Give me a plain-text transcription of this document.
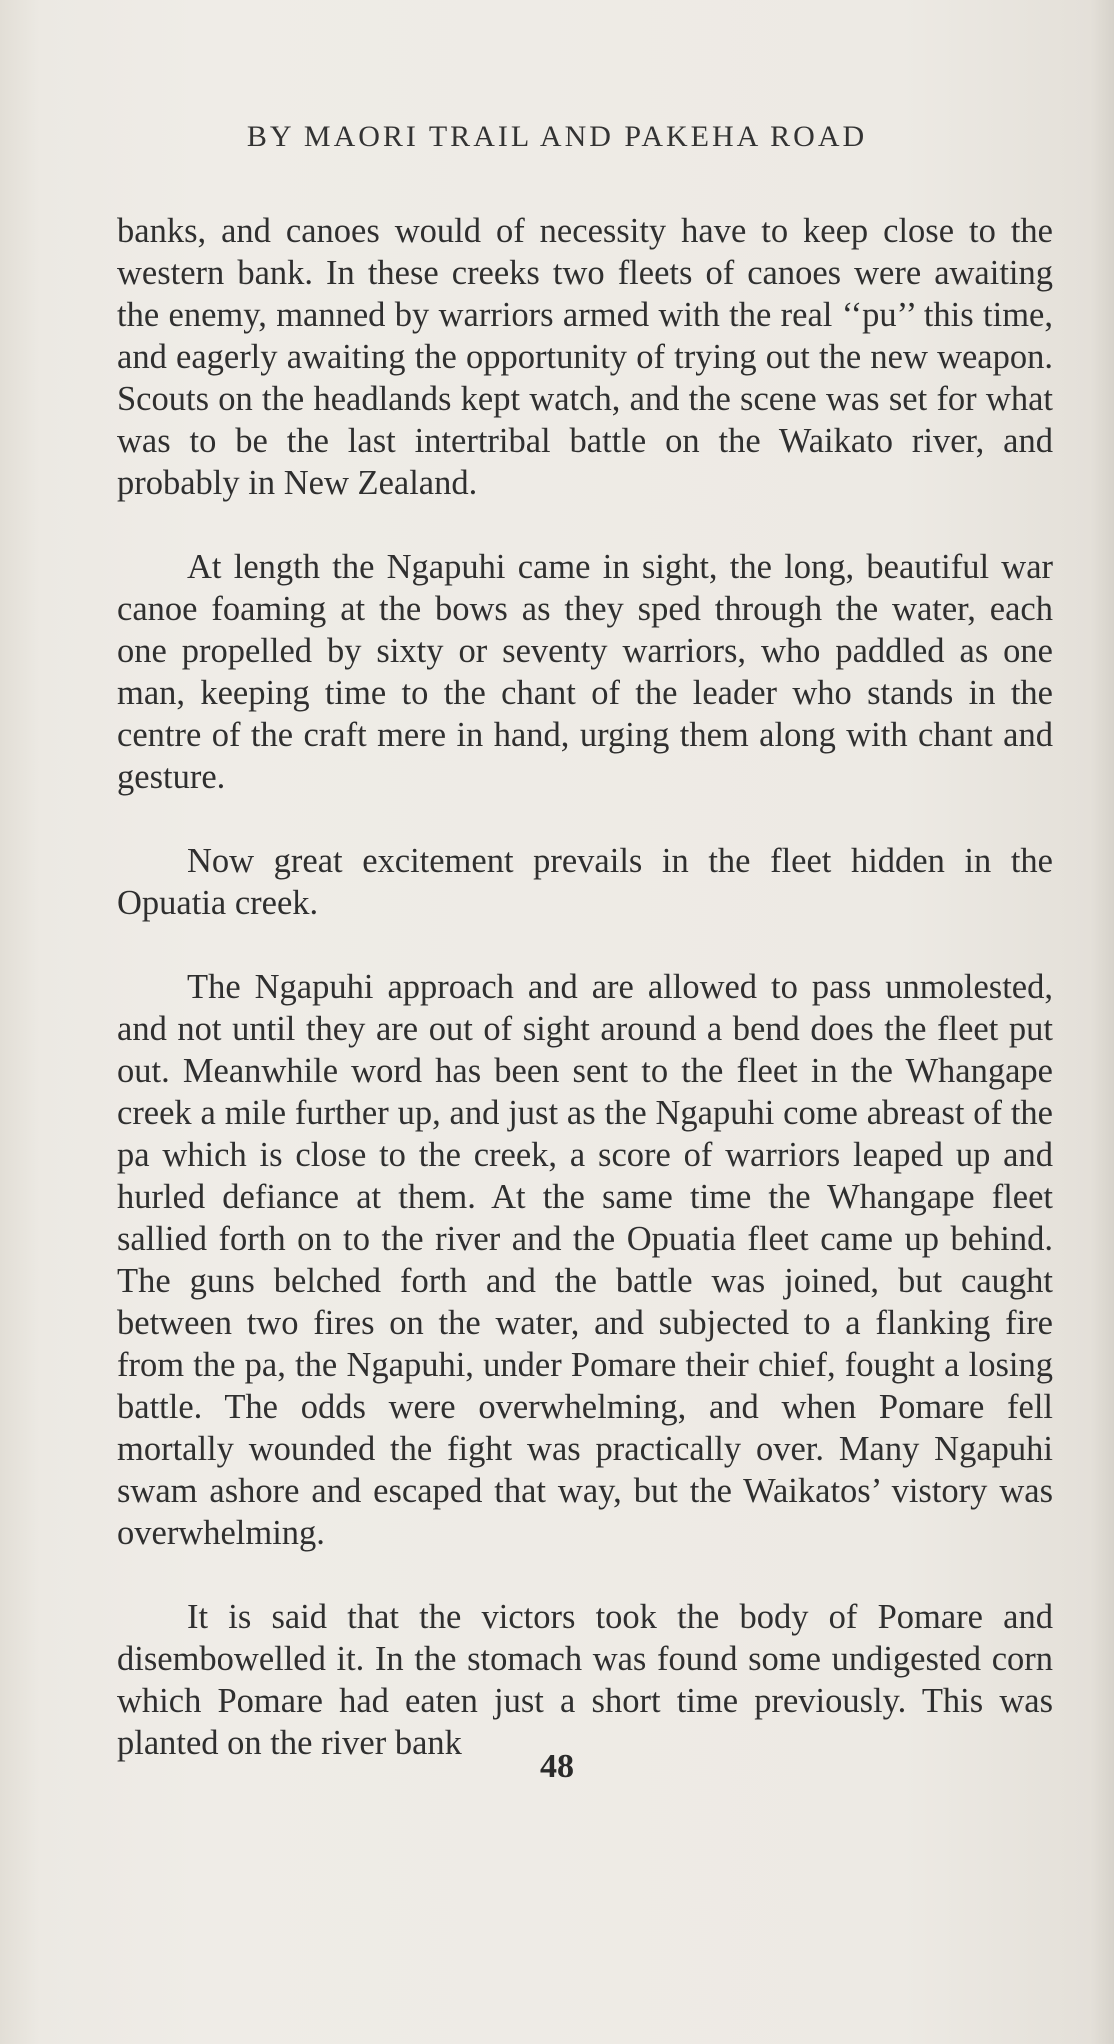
BY MAORI TRAIL AND PAKEHA ROAD

banks, and canoes would of necessity have to keep close to the western bank. In these creeks two fleets of canoes were awaiting the enemy, manned by warriors armed with the real ‘‘pu’’ this time, and eagerly awaiting the opportunity of trying out the new weapon. Scouts on the headlands kept watch, and the scene was set for what was to be the last intertribal battle on the Waikato river, and probably in New Zealand.

At length the Ngapuhi came in sight, the long, beautiful war canoe foaming at the bows as they sped through the water, each one propelled by sixty or seventy warriors, who paddled as one man, keeping time to the chant of the leader who stands in the centre of the craft mere in hand, urging them along with chant and gesture.

Now great excitement prevails in the fleet hidden in the Opuatia creek.

The Ngapuhi approach and are allowed to pass unmolested, and not until they are out of sight around a bend does the fleet put out. Meanwhile word has been sent to the fleet in the Whangape creek a mile further up, and just as the Ngapuhi come abreast of the pa which is close to the creek, a score of warriors leaped up and hurled defiance at them. At the same time the Whangape fleet sallied forth on to the river and the Opuatia fleet came up behind. The guns belched forth and the battle was joined, but caught between two fires on the water, and subjected to a flanking fire from the pa, the Ngapuhi, under Pomare their chief, fought a losing battle. The odds were overwhelming, and when Pomare fell mortally wounded the fight was practically over. Many Ngapuhi swam ashore and escaped that way, but the Waikatos’ vistory was overwhelming.

It is said that the victors took the body of Pomare and disembowelled it. In the stomach was found some undigested corn which Pomare had eaten just a short time previously. This was planted on the river bank

48
